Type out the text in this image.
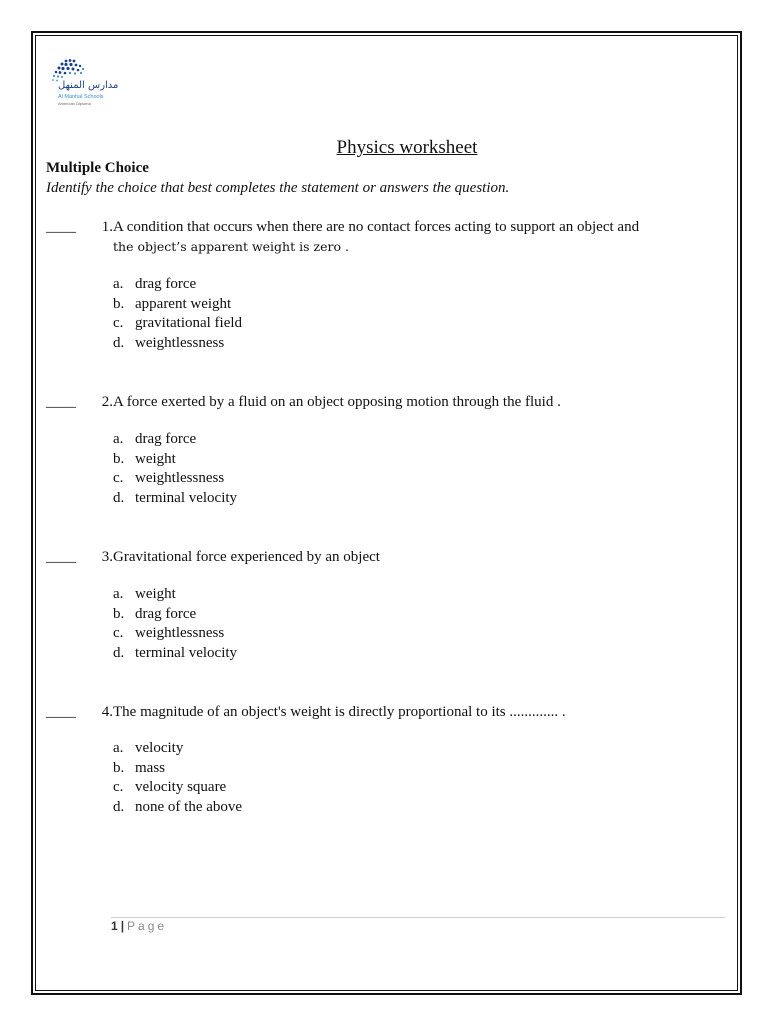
مدارس المنهل
Al Manhal Schools
American Diploma
Physics worksheet
Multiple Choice
Identify the choice that best completes the statement or answers the question.
____	1. A condition that occurs when there are no contact forces acting to support an object and
the object’s apparent weight is zero .
a. drag force
b. apparent weight
c. gravitational field
d. weightlessness
____	2. A force exerted by a fluid on an object opposing motion through the fluid .
a. drag force
b. weight
c. weightlessness
d. terminal velocity
____	3. Gravitational force experienced by an object
a. weight
b. drag force
c. weightlessness
d. terminal velocity
____	4. The magnitude of an object's weight is directly proportional to its ............. .
a. velocity
b. mass
c. velocity square
d. none of the above
1 | Page
